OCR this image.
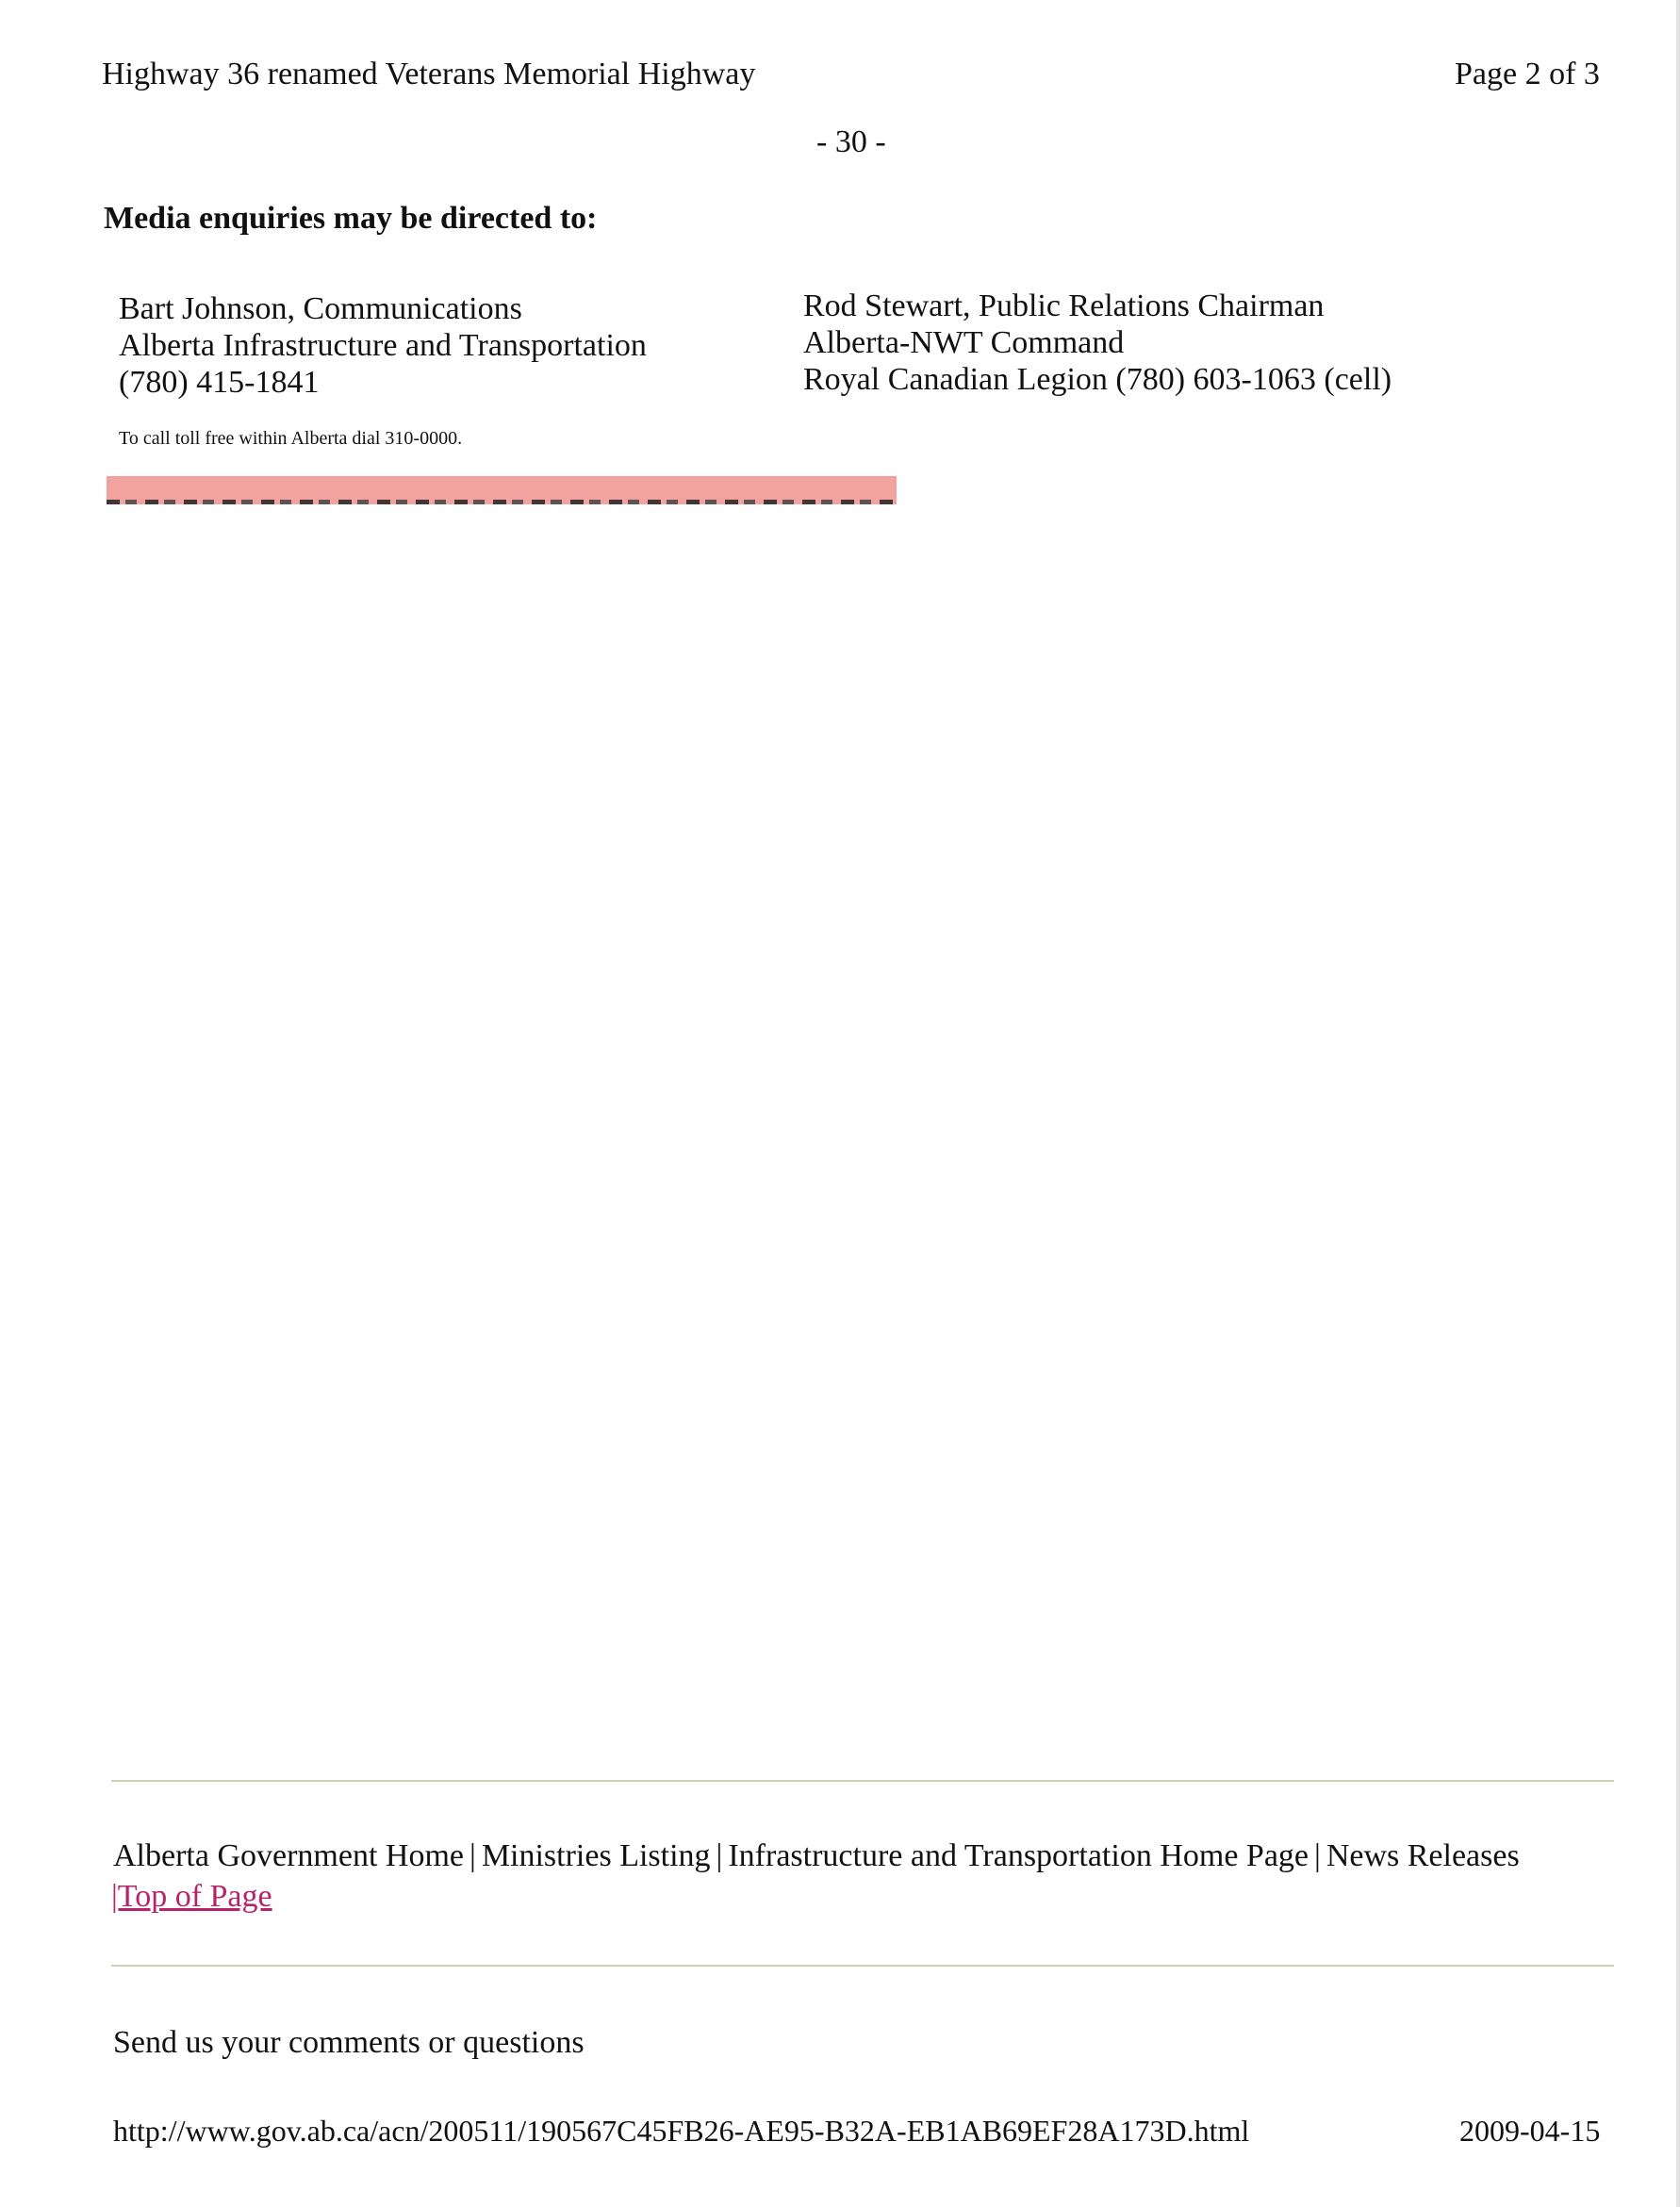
Highway 36 renamed Veterans Memorial Highway	Page 2 of 3
- 30 -
Media enquiries may be directed to:
Bart Johnson, Communications
Alberta Infrastructure and Transportation
(780) 415-1841
Rod Stewart, Public Relations Chairman
Alberta-NWT Command
Royal Canadian Legion (780) 603-1063 (cell)
To call toll free within Alberta dial 310-0000.
Alberta Government Home | Ministries Listing | Infrastructure and Transportation Home Page | News Releases
|Top of Page
Send us your comments or questions
http://www.gov.ab.ca/acn/200511/190567C45FB26-AE95-B32A-EB1AB69EF28A173D.html	2009-04-15
